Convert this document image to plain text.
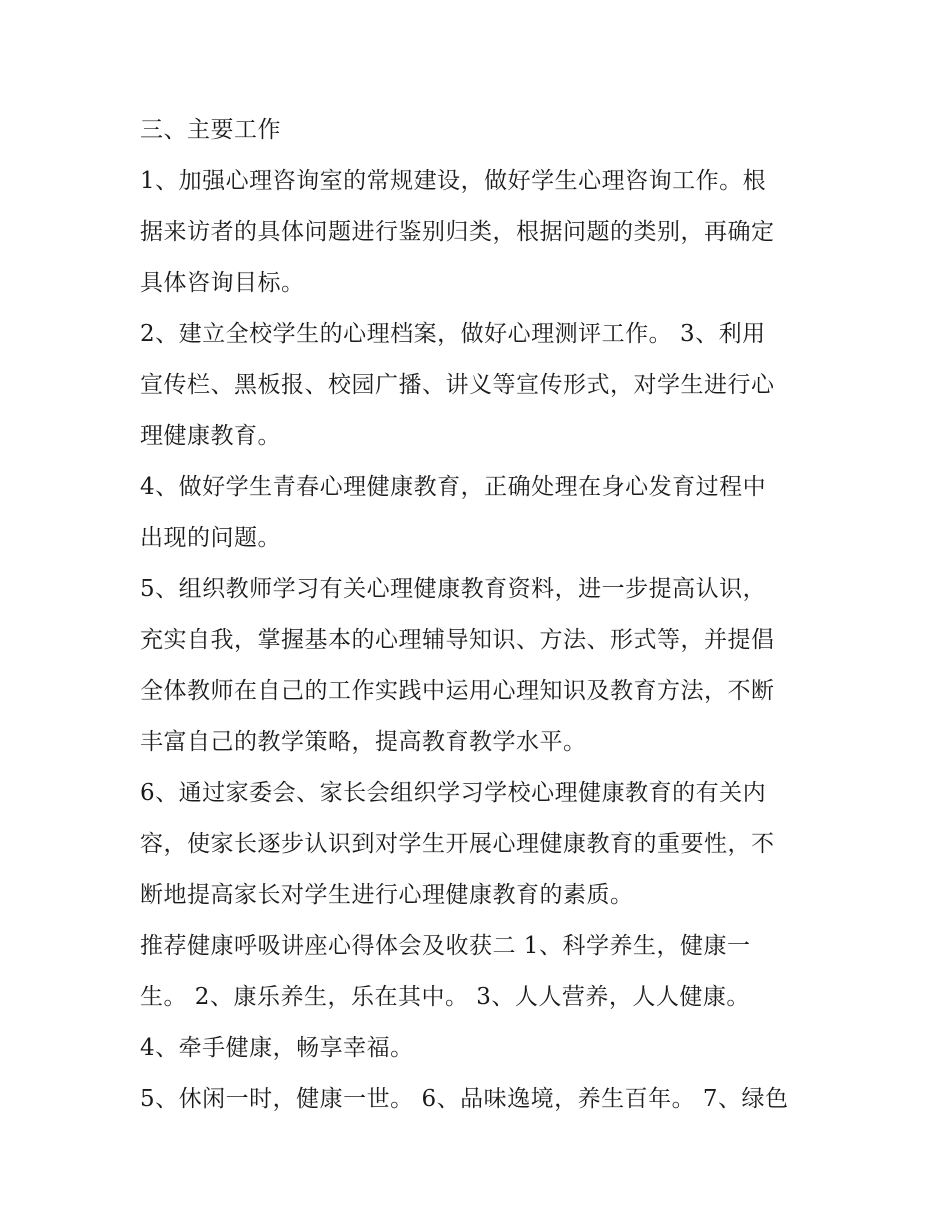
三、主要工作
1、加强心理咨询室的常规建设，做好学生心理咨询工作。根
据来访者的具体问题进行鉴别归类，根据问题的类别，再确定
具体咨询目标。
2、建立全校学生的心理档案，做好心理测评工作。 3、利用
宣传栏、黑板报、校园广播、讲义等宣传形式，对学生进行心
理健康教育。
4、做好学生青春心理健康教育，正确处理在身心发育过程中
出现的问题。
5、组织教师学习有关心理健康教育资料，进一步提高认识，
充实自我，掌握基本的心理辅导知识、方法、形式等，并提倡
全体教师在自己的工作实践中运用心理知识及教育方法，不断
丰富自己的教学策略，提高教育教学水平。
6、通过家委会、家长会组织学习学校心理健康教育的有关内
容，使家长逐步认识到对学生开展心理健康教育的重要性，不
断地提高家长对学生进行心理健康教育的素质。
推荐健康呼吸讲座心得体会及收获二 1、科学养生，健康一
生。 2、康乐养生，乐在其中。 3、人人营养，人人健康。
4、牵手健康，畅享幸福。
5、休闲一时，健康一世。 6、品味逸境，养生百年。 7、绿色
